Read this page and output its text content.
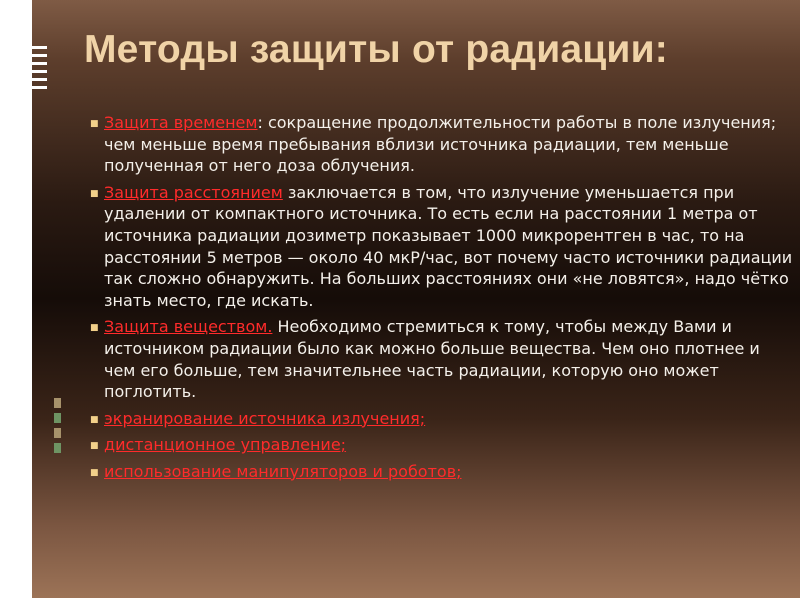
Методы защиты от радиации:
■ Защита временем: сокращение продолжительности работы в поле излучения; чем меньше время пребывания вблизи источника радиации, тем меньше полученная от него доза облучения.
■ Защита расстоянием заключается в том, что излучение уменьшается при удалении от компактного источника. То есть если на расстоянии 1 метра от источника радиации дозиметр показывает 1000 микрорентген в час, то на расстоянии 5 метров — около 40 мкР/час, вот почему часто источники радиации так сложно обнаружить. На больших расстояниях они «не ловятся», надо чётко знать место, где искать.
■ Защита веществом. Необходимо стремиться к тому, чтобы между Вами и источником радиации было как можно больше вещества. Чем оно плотнее и чем его больше, тем значительнее часть радиации, которую оно может поглотить.
■ экранирование источника излучения;
■ дистанционное управление;
■ использование манипуляторов и роботов;
